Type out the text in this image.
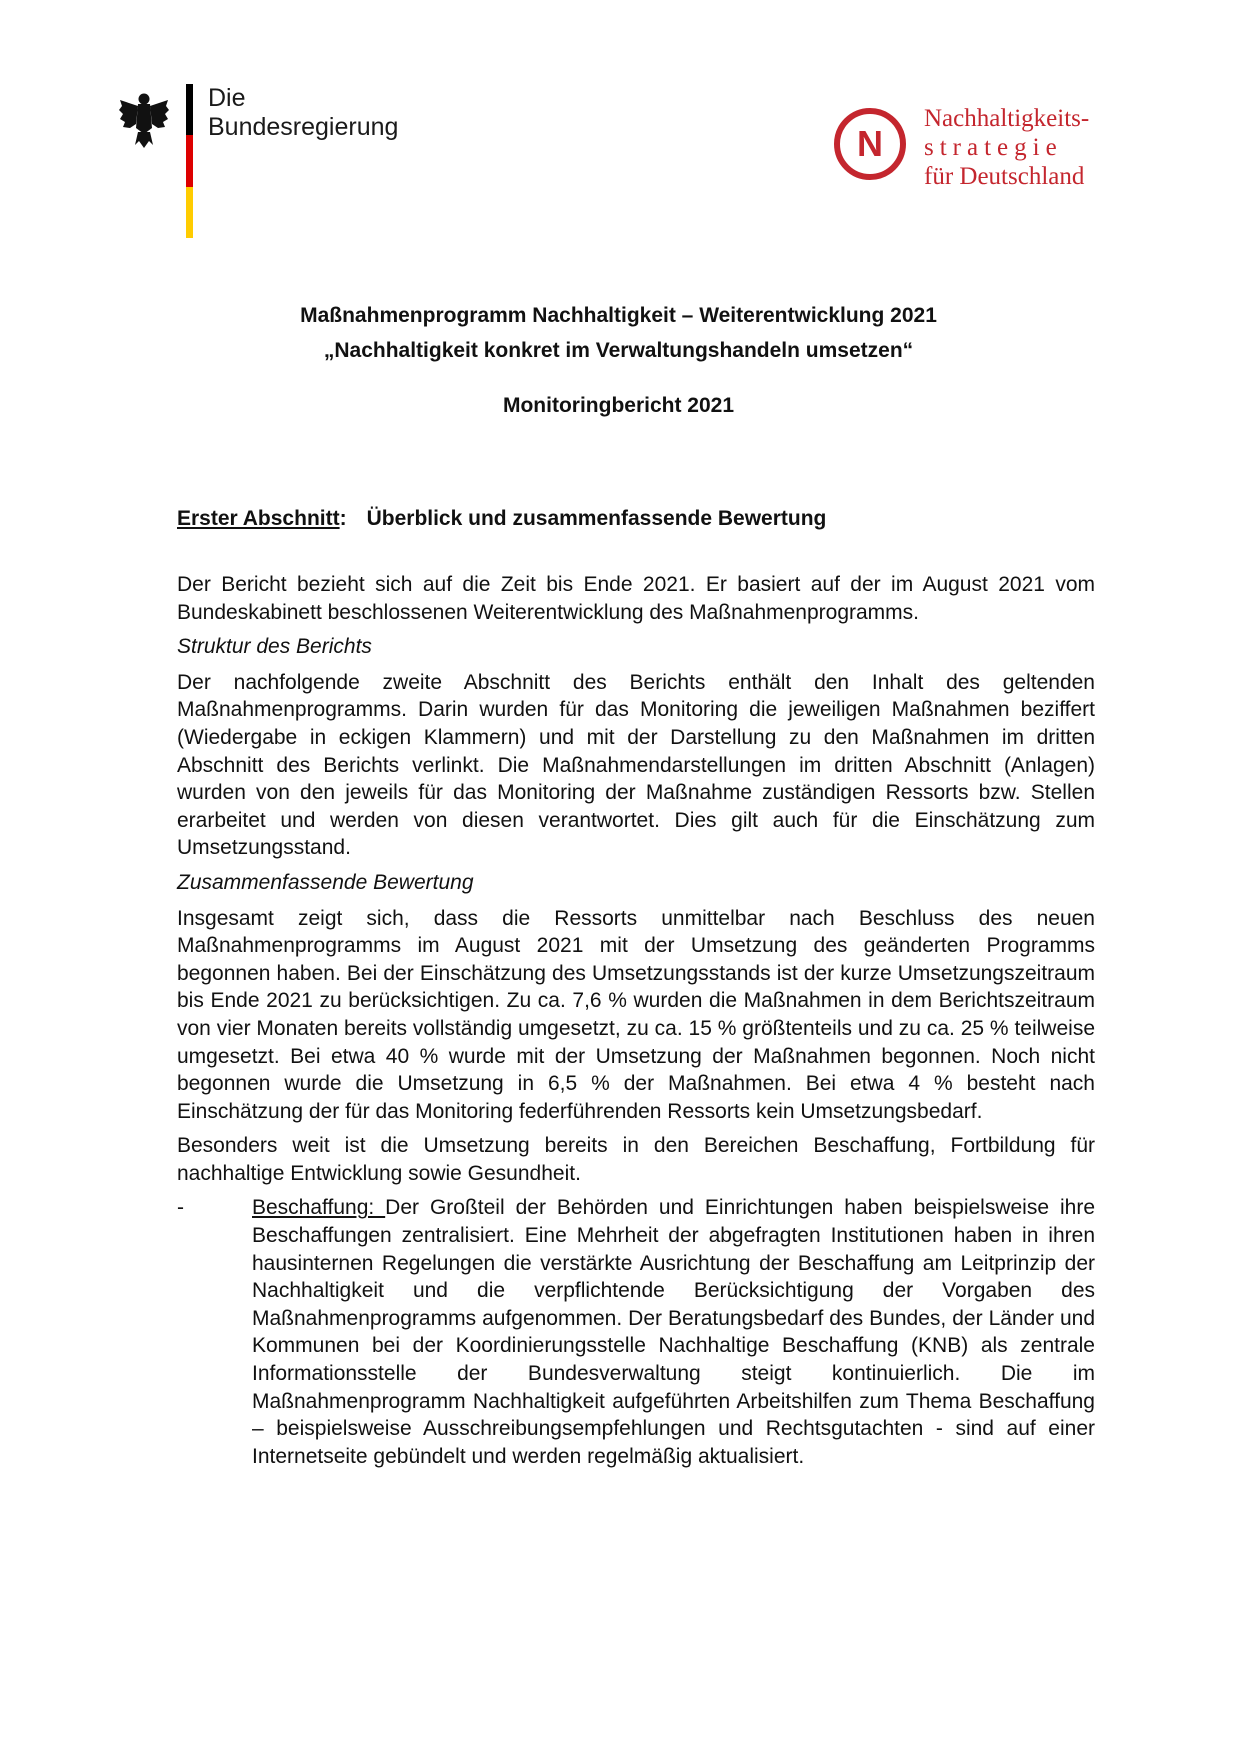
Die
Bundesregierung	N
Nachhaltigkeits-
strategie
für Deutschland
Maßnahmenprogramm Nachhaltigkeit – Weiterentwicklung 2021
„Nachhaltigkeit konkret im Verwaltungshandeln umsetzen“
Monitoringbericht 2021
Erster Abschnitt: Überblick und zusammenfassende Bewertung

Der Bericht bezieht sich auf die Zeit bis Ende 2021. Er basiert auf der im August 2021 vom Bundeskabinett beschlossenen Weiterentwicklung des Maßnahmenprogramms.

Struktur des Berichts

Der nachfolgende zweite Abschnitt des Berichts enthält den Inhalt des geltenden Maßnahmenprogramms. Darin wurden für das Monitoring die jeweiligen Maßnahmen beziffert (Wiedergabe in eckigen Klammern) und mit der Darstellung zu den Maßnahmen im dritten Abschnitt des Berichts verlinkt. Die Maßnahmendarstellungen im dritten Abschnitt (Anlagen) wurden von den jeweils für das Monitoring der Maßnahme zuständigen Ressorts bzw. Stellen erarbeitet und werden von diesen verantwortet. Dies gilt auch für die Einschätzung zum Umsetzungsstand.

Zusammenfassende Bewertung

Insgesamt zeigt sich, dass die Ressorts unmittelbar nach Beschluss des neuen Maßnahmenprogramms im August 2021 mit der Umsetzung des geänderten Programms begonnen haben. Bei der Einschätzung des Umsetzungsstands ist der kurze Umsetzungszeitraum bis Ende 2021 zu berücksichtigen. Zu ca. 7,6 % wurden die Maßnahmen in dem Berichtszeitraum von vier Monaten bereits vollständig umgesetzt, zu ca. 15 % größtenteils und zu ca. 25 % teilweise umgesetzt. Bei etwa 40 % wurde mit der Umsetzung der Maßnahmen begonnen. Noch nicht begonnen wurde die Umsetzung in 6,5 % der Maßnahmen. Bei etwa 4 % besteht nach Einschätzung der für das Monitoring federführenden Ressorts kein Umsetzungsbedarf.

Besonders weit ist die Umsetzung bereits in den Bereichen Beschaffung, Fortbildung für nachhaltige Entwicklung sowie Gesundheit.

-	Beschaffung: Der Großteil der Behörden und Einrichtungen haben beispielsweise ihre Beschaffungen zentralisiert. Eine Mehrheit der abgefragten Institutionen haben in ihren hausinternen Regelungen die verstärkte Ausrichtung der Beschaffung am Leitprinzip der Nachhaltigkeit und die verpflichtende Berücksichtigung der Vorgaben des Maßnahmenprogramms aufgenommen. Der Beratungsbedarf des Bundes, der Länder und Kommunen bei der Koordinierungsstelle Nachhaltige Beschaffung (KNB) als zentrale Informationsstelle der Bundesverwaltung steigt kontinuierlich. Die im Maßnahmenprogramm Nachhaltigkeit aufgeführten Arbeitshilfen zum Thema Beschaffung – beispielsweise Ausschreibungsempfehlungen und Rechtsgutachten - sind auf einer Internetseite gebündelt und werden regelmäßig aktualisiert.
